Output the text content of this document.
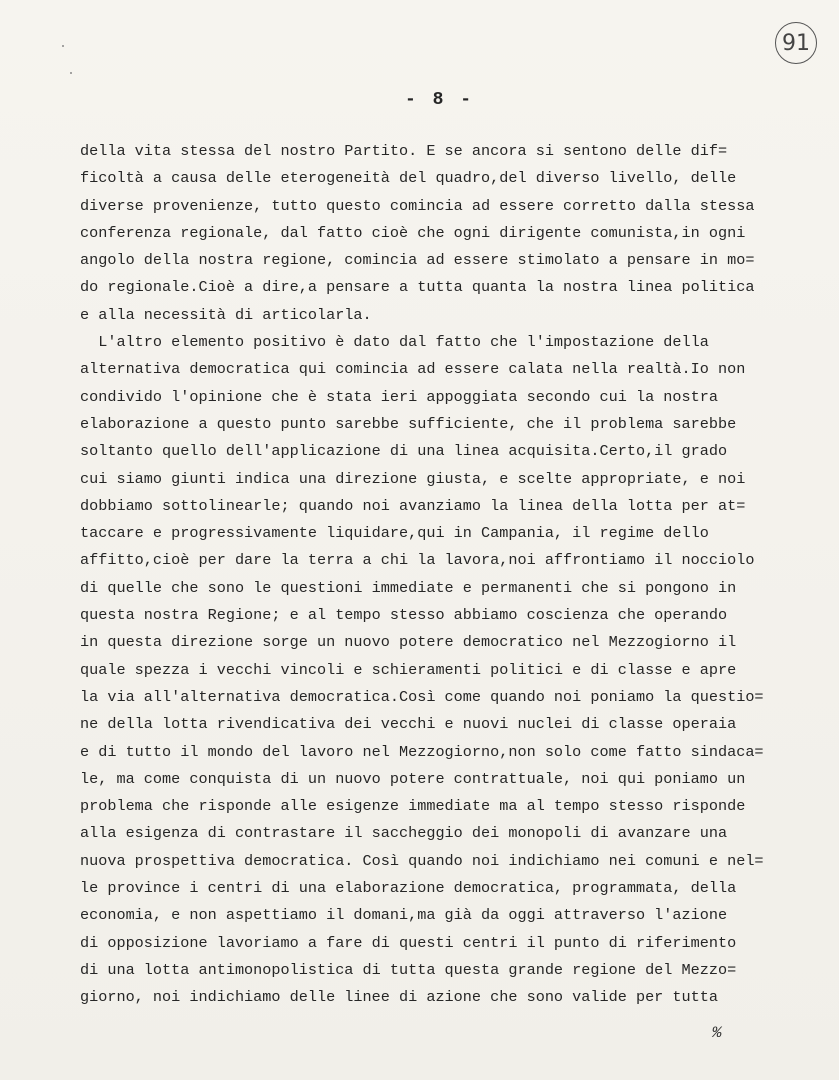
91
- 8 -
della vita stessa del nostro Partito. E se ancora si sentono delle dif=
ficoltà a causa delle eterogeneità del quadro,del diverso livello, delle
diverse provenienze, tutto questo comincia ad essere corretto dalla stessa
conferenza regionale, dal fatto cioè che ogni dirigente comunista,in ogni
angolo della nostra regione, comincia ad essere stimolato a pensare in mo=
do regionale.Cioè a dire,a pensare a tutta quanta la nostra linea politica
e alla necessità di articolarla.
L'altro elemento positivo è dato dal fatto che l'impostazione della
alternativa democratica qui comincia ad essere calata nella realtà.Io non
condivido l'opinione che è stata ieri appoggiata secondo cui la nostra
elaborazione a questo punto sarebbe sufficiente, che il problema sarebbe
soltanto quello dell'applicazione di una linea acquisita.Certo,il grado
cui siamo giunti indica una direzione giusta, e scelte appropriate, e noi
dobbiamo sottolinearle; quando noi avanziamo la linea della lotta per at=
taccare e progressivamente liquidare,qui in Campania, il regime dello
affitto,cioè per dare la terra a chi la lavora,noi affrontiamo il nocciolo
di quelle che sono le questioni immediate e permanenti che si pongono in
questa nostra Regione; e al tempo stesso abbiamo coscienza che operando
in questa direzione sorge un nuovo potere democratico nel Mezzogiorno il
quale spezza i vecchi vincoli e schieramenti politici e di classe e apre
la via all'alternativa democratica.Così come quando noi poniamo la questio=
ne della lotta rivendicativa dei vecchi e nuovi nuclei di classe operaia
e di tutto il mondo del lavoro nel Mezzogiorno,non solo come fatto sindaca=
le, ma come conquista di un nuovo potere contrattuale, noi qui poniamo un
problema che risponde alle esigenze immediate ma al tempo stesso risponde
alla esigenza di contrastare il saccheggio dei monopoli di avanzare una
nuova prospettiva democratica. Così quando noi indichiamo nei comuni e nel=
le province i centri di una elaborazione democratica, programmata, della
economia, e non aspettiamo il domani,ma già da oggi attraverso l'azione
di opposizione lavoriamo a fare di questi centri il punto di riferimento
di una lotta antimonopolistica di tutta questa grande regione del Mezzo=
giorno, noi indichiamo delle linee di azione che sono valide per tutta
%
